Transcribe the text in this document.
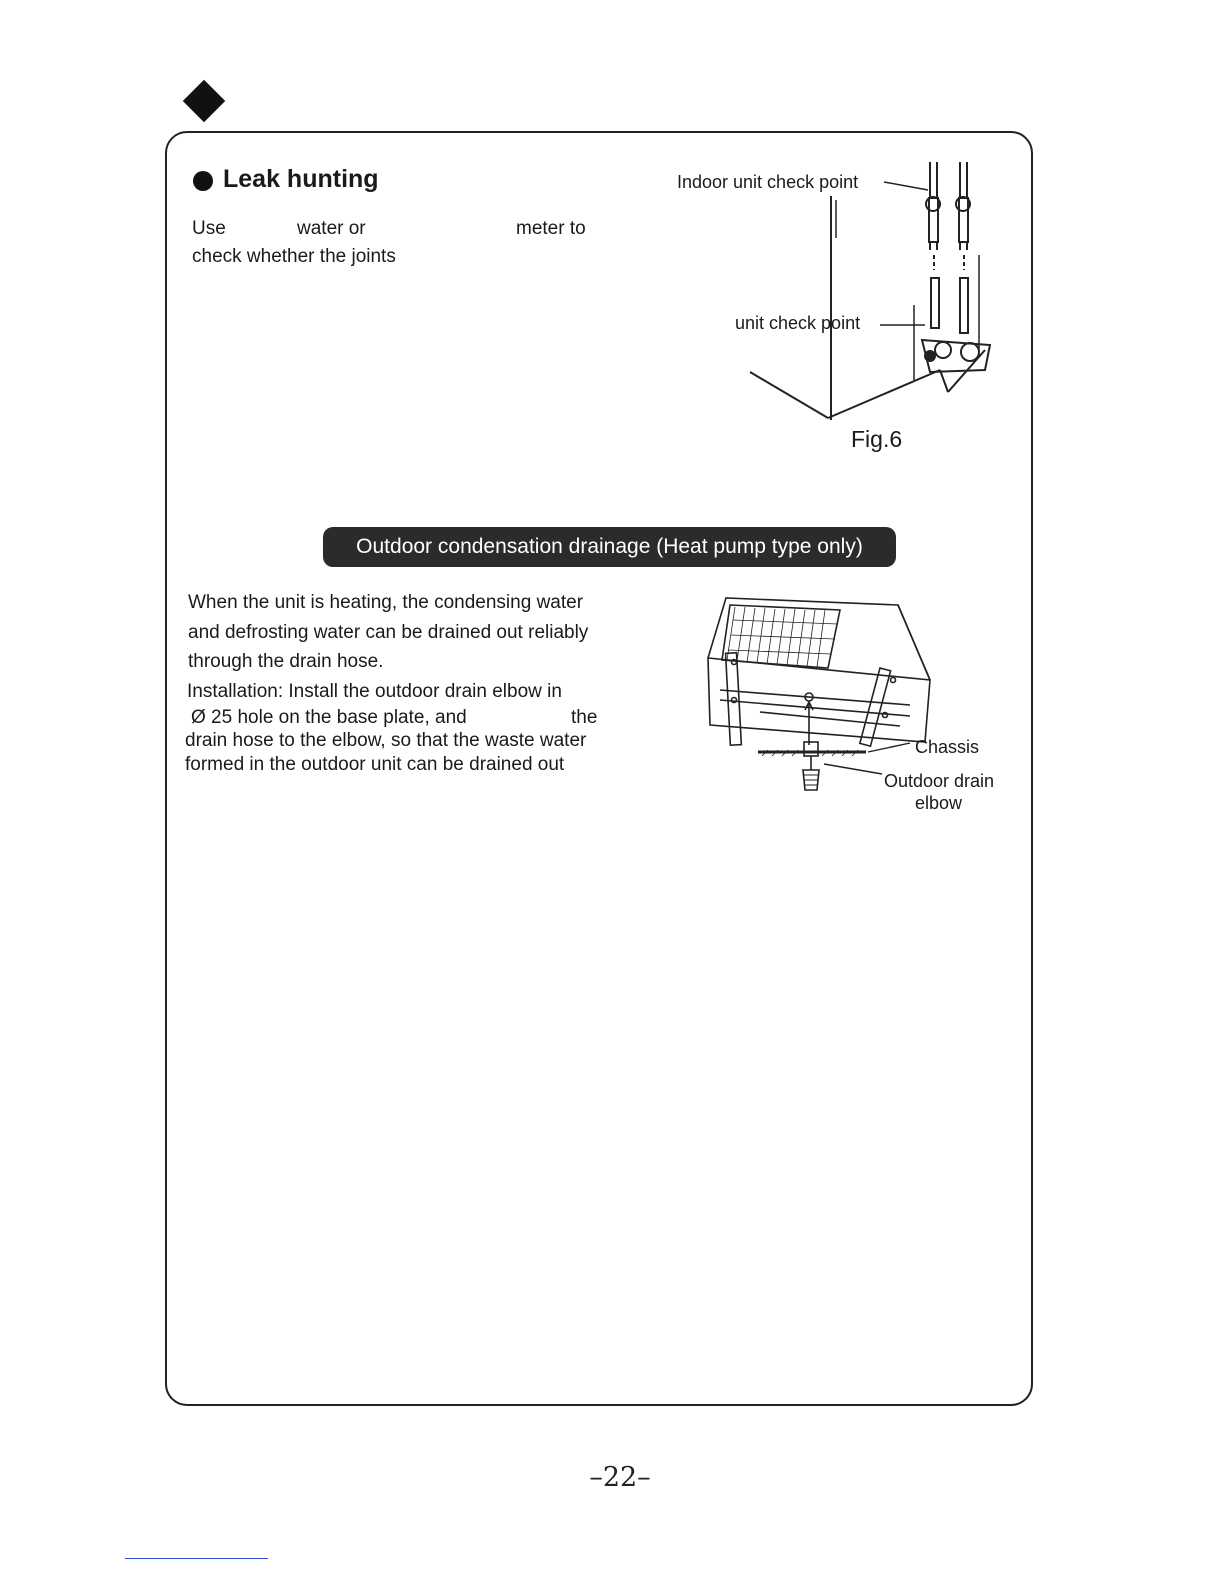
Leak hunting
Use	water or	meter to
check whether the joints
Indoor unit check point
unit check point
Fig.6
Outdoor condensation drainage (Heat pump type only)
When the unit is heating, the condensing water
and defrosting water can be drained out reliably
through the drain hose.
Installation: Install the outdoor drain elbow in
Ø 25 hole on the base plate, and	the
drain hose to the elbow, so that the waste water
formed in the outdoor unit can be drained out
Chassis
Outdoor drain
elbow
–22–
